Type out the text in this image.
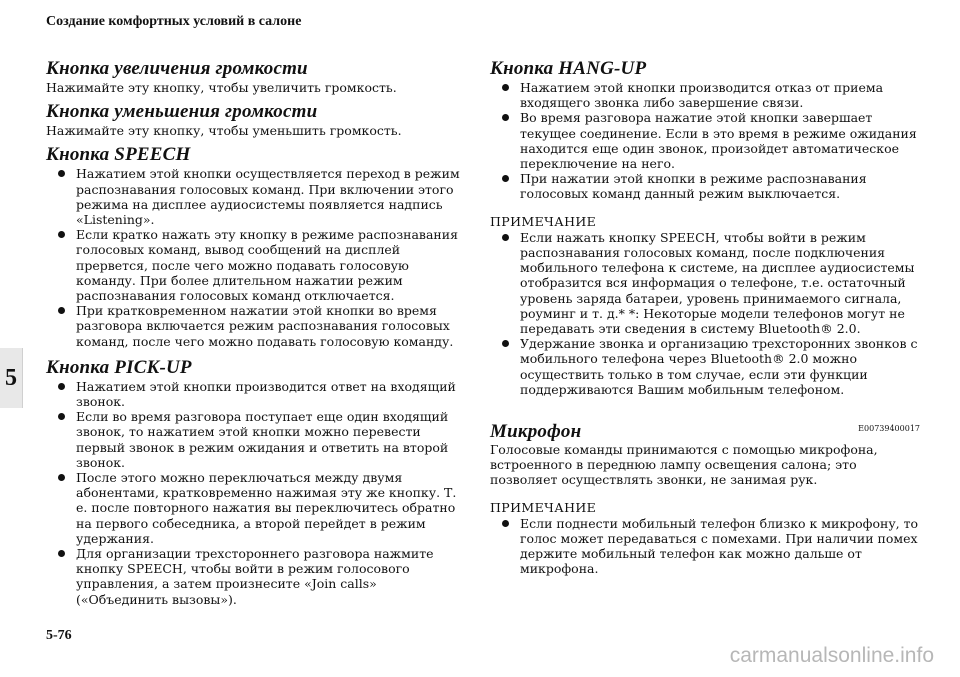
Создание комфортных условий в салоне
5
Кнопка увеличения громкости

Нажимайте эту кнопку, чтобы увеличить громкость.

Кнопка уменьшения громкости

Нажимайте эту кнопку, чтобы уменьшить громкость.

Кнопка SPEECH
Нажатием этой кнопки осуществляется переход в режим распознавания голосовых команд. При включении этого режима на дисплее аудиосистемы появляется надпись «Listening».
Если кратко нажать эту кнопку в режиме распознавания голосовых команд, вывод сообщений на дисплей прервется, после чего можно подавать голосовую команду. При более длительном нажатии режим распознавания голосовых команд отключается.
При кратковременном нажатии этой кнопки во время разговора включается режим распознавания голосовых команд, после чего можно подавать голосовую команду.
Кнопка PICK-UP
Нажатием этой кнопки производится ответ на входящий звонок.
Если во время разговора поступает еще один входящий звонок, то нажатием этой кнопки можно перевести первый звонок в режим ожидания и ответить на второй звонок.
После этого можно переключаться между двумя абонентами, кратковременно нажимая эту же кнопку. Т. е. после повторного нажатия вы переключитесь обратно на первого собеседника, а второй перейдет в режим удержания.
Для организации трехстороннего разговора нажмите кнопку SPEECH, чтобы войти в режим голосового управления, а затем произнесите «Join calls» («Объединить вызовы»).
Кнопка HANG-UP
Нажатием этой кнопки производится отказ от приема входящего звонка либо завершение связи.
Во время разговора нажатие этой кнопки завершает текущее соединение. Если в это время в режиме ожидания находится еще один звонок, произойдет автоматическое переключение на него.
При нажатии этой кнопки в режиме распознавания голосовых команд данный режим выключается.
ПРИМЕЧАНИЕ
Если нажать кнопку SPEECH, чтобы войти в режим распознавания голосовых команд, после подключения мобильного телефона к системе, на дисплее аудиосистемы отобразится вся информация о телефоне, т.е. остаточный уровень заряда батареи, уровень принимаемого сигнала, роуминг и т. д.* *: Некоторые модели телефонов могут не передавать эти сведения в систему Bluetooth® 2.0.
Удержание звонка и организацию трехсторонних звонков с мобильного телефона через Bluetooth® 2.0 можно осуществить только в том случае, если эти функции поддерживаются Вашим мобильным телефоном.
Микрофон	E00739400017

Голосовые команды принимаются с помощью микрофона, встроенного в переднюю лампу освещения салона; это позволяет осуществлять звонки, не занимая рук.

ПРИМЕЧАНИЕ
Если поднести мобильный телефон близко к микрофону, то голос может передаваться с помехами. При наличии помех держите мобильный телефон как можно дальше от микрофона.
5-76
carmanualsonline.info
